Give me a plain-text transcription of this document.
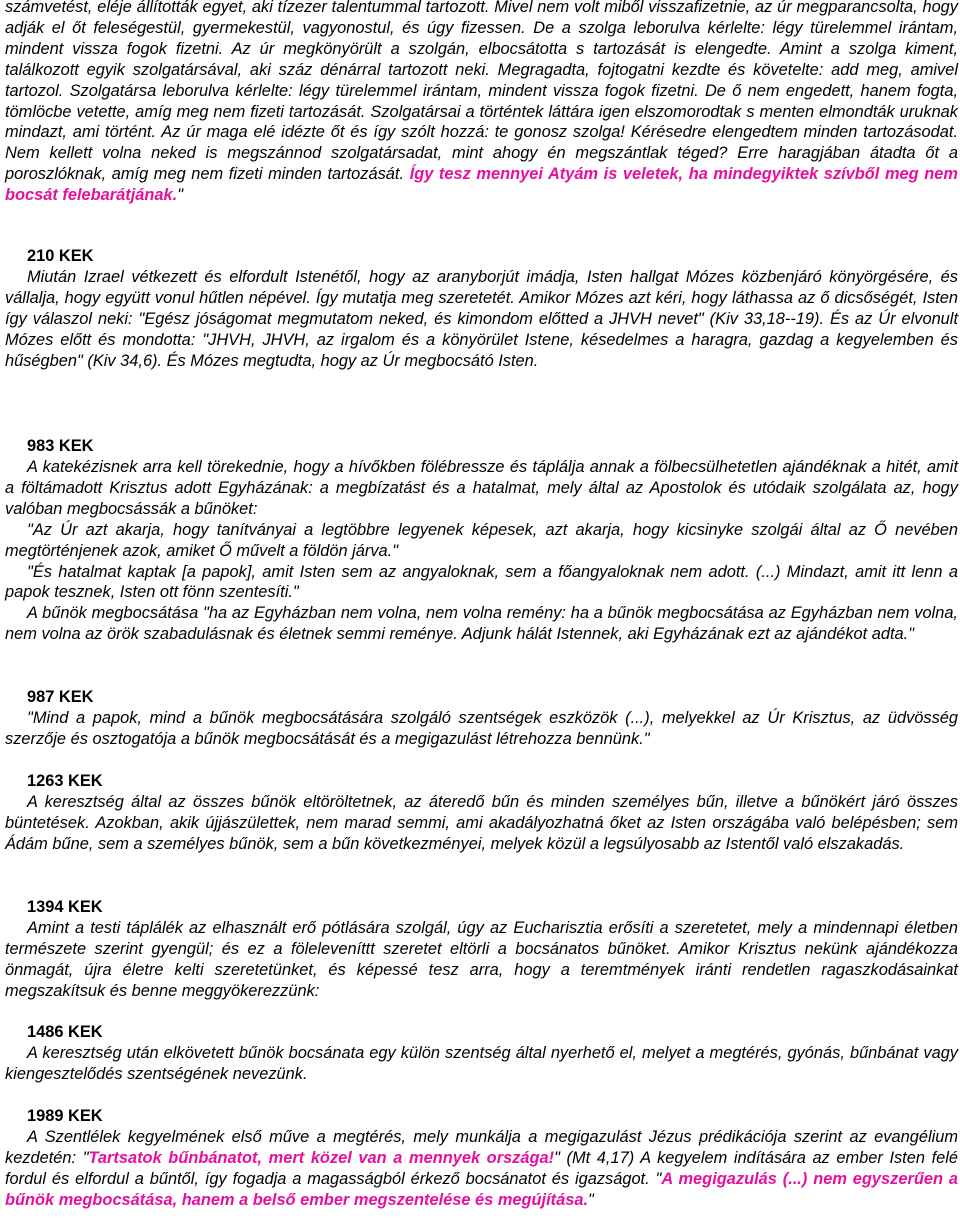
számvetést, eléje állították egyet, aki tízezer talentummal tartozott. Mivel nem volt miből visszafizetnie, az úr megparancsolta, hogy adják el őt feleségestül, gyermekestül, vagyonostul, és úgy fizessen. De a szolga leborulva kérlelte: légy türelemmel irántam, mindent vissza fogok fizetni. Az úr megkönyörült a szolgán, elbocsátotta s tartozását is elengedte. Amint a szolga kiment, találkozott egyik szolgatársával, aki száz dénárral tartozott neki. Megragadta, fojtogatni kezdte és követelte: add meg, amivel tartozol. Szolgatársa leborulva kérlelte: légy türelemmel irántam, mindent vissza fogok fizetni. De ő nem engedett, hanem fogta, tömlöcbe vetette, amíg meg nem fizeti tartozását. Szolgatársai a történtek láttára igen elszomorodtak s menten elmondták uruknak mindazt, ami történt. Az úr maga elé idézte őt és így szólt hozzá: te gonosz szolga! Kérésedre elengedtem minden tartozásodat. Nem kellett volna neked is megszánnod szolgatársadat, mint ahogy én megszántlak téged? Erre haragjában átadta őt a poroszlóknak, amíg meg nem fizeti minden tartozását. Így tesz mennyei Atyám is veletek, ha mindegyiktek szívből meg nem bocsát felebarátjának."
210 KEK

Miután Izrael vétkezett és elfordult Istenétől, hogy az aranyborjút imádja, Isten hallgat Mózes közbenjáró könyörgésére, és vállalja, hogy együtt vonul hűtlen népével. Így mutatja meg szeretetét. Amikor Mózes azt kéri, hogy láthassa az ő dicsőségét, Isten így válaszol neki: "Egész jóságomat megmutatom neked, és kimondom előtted a JHVH nevet" (Kiv 33,18--19). És az Úr elvonult Mózes előtt és mondotta: "JHVH, JHVH, az irgalom és a könyörület Istene, késedelmes a haragra, gazdag a kegyelemben és hűségben" (Kiv 34,6). És Mózes megtudta, hogy az Úr megbocsátó Isten.

983 KEK

A katekézisnek arra kell törekednie, hogy a hívőkben fölébressze és táplálja annak a fölbecsülhetetlen ajándéknak a hitét, amit a föltámadott Krisztus adott Egyházának: a megbízatást és a hatalmat, mely által az Apostolok és utódaik szolgálata az, hogy valóban megbocsássák a bűnöket:

"Az Úr azt akarja, hogy tanítványai a legtöbbre legyenek képesek, azt akarja, hogy kicsinyke szolgái által az Ő nevében megtörténjenek azok, amiket Ő művelt a földön járva."

"És hatalmat kaptak [a papok], amit Isten sem az angyaloknak, sem a főangyaloknak nem adott. (...) Mindazt, amit itt lenn a papok tesznek, Isten ott fönn szentesíti."

A bűnök megbocsátása "ha az Egyházban nem volna, nem volna remény: ha a bűnök megbocsátása az Egyházban nem volna, nem volna az örök szabadulásnak és életnek semmi reménye. Adjunk hálát Istennek, aki Egyházának ezt az ajándékot adta."

987 KEK

"Mind a papok, mind a bűnök megbocsátására szolgáló szentségek eszközök (...), melyekkel az Úr Krisztus, az üdvösség szerzője és osztogatója a bűnök megbocsátását és a megigazulást létrehozza bennünk."

1263 KEK

A keresztség által az összes bűnök eltöröltetnek, az áteredő bűn és minden személyes bűn, illetve a bűnökért járó összes büntetések. Azokban, akik újjászülettek, nem marad semmi, ami akadályozhatná őket az Isten országába való belépésben; sem Ádám bűne, sem a személyes bűnök, sem a bűn következményei, melyek közül a legsúlyosabb az Istentől való elszakadás.

1394 KEK

Amint a testi táplálék az elhasznált erő pótlására szolgál, úgy az Eucharisztia erősíti a szeretetet, mely a mindennapi életben természete szerint gyengül; és ez a föleleveníttt szeretet eltörli a bocsánatos bűnöket. Amikor Krisztus nekünk ajándékozza önmagát, újra életre kelti szeretetünket, és képessé tesz arra, hogy a teremtmények iránti rendetlen ragaszkodásainkat megszakítsuk és benne meggyökerezzünk:

1486 KEK

A keresztség után elkövetett bűnök bocsánata egy külön szentség által nyerhető el, melyet a megtérés, gyónás, bűnbánat vagy kiengesztelődés szentségének nevezünk.

1989 KEK

A Szentlélek kegyelmének első műve a megtérés, mely munkálja a megigazulást Jézus prédikációja szerint az evangélium kezdetén: "Tartsatok bűnbánatot, mert közel van a mennyek országa!" (Mt 4,17) A kegyelem indítására az ember Isten felé fordul és elfordul a bűntől, így fogadja a magasságból érkező bocsánatot és igazságot. "A megigazulás (...) nem egyszerűen a bűnök megbocsátása, hanem a belső ember megszentelése és megújítása."
